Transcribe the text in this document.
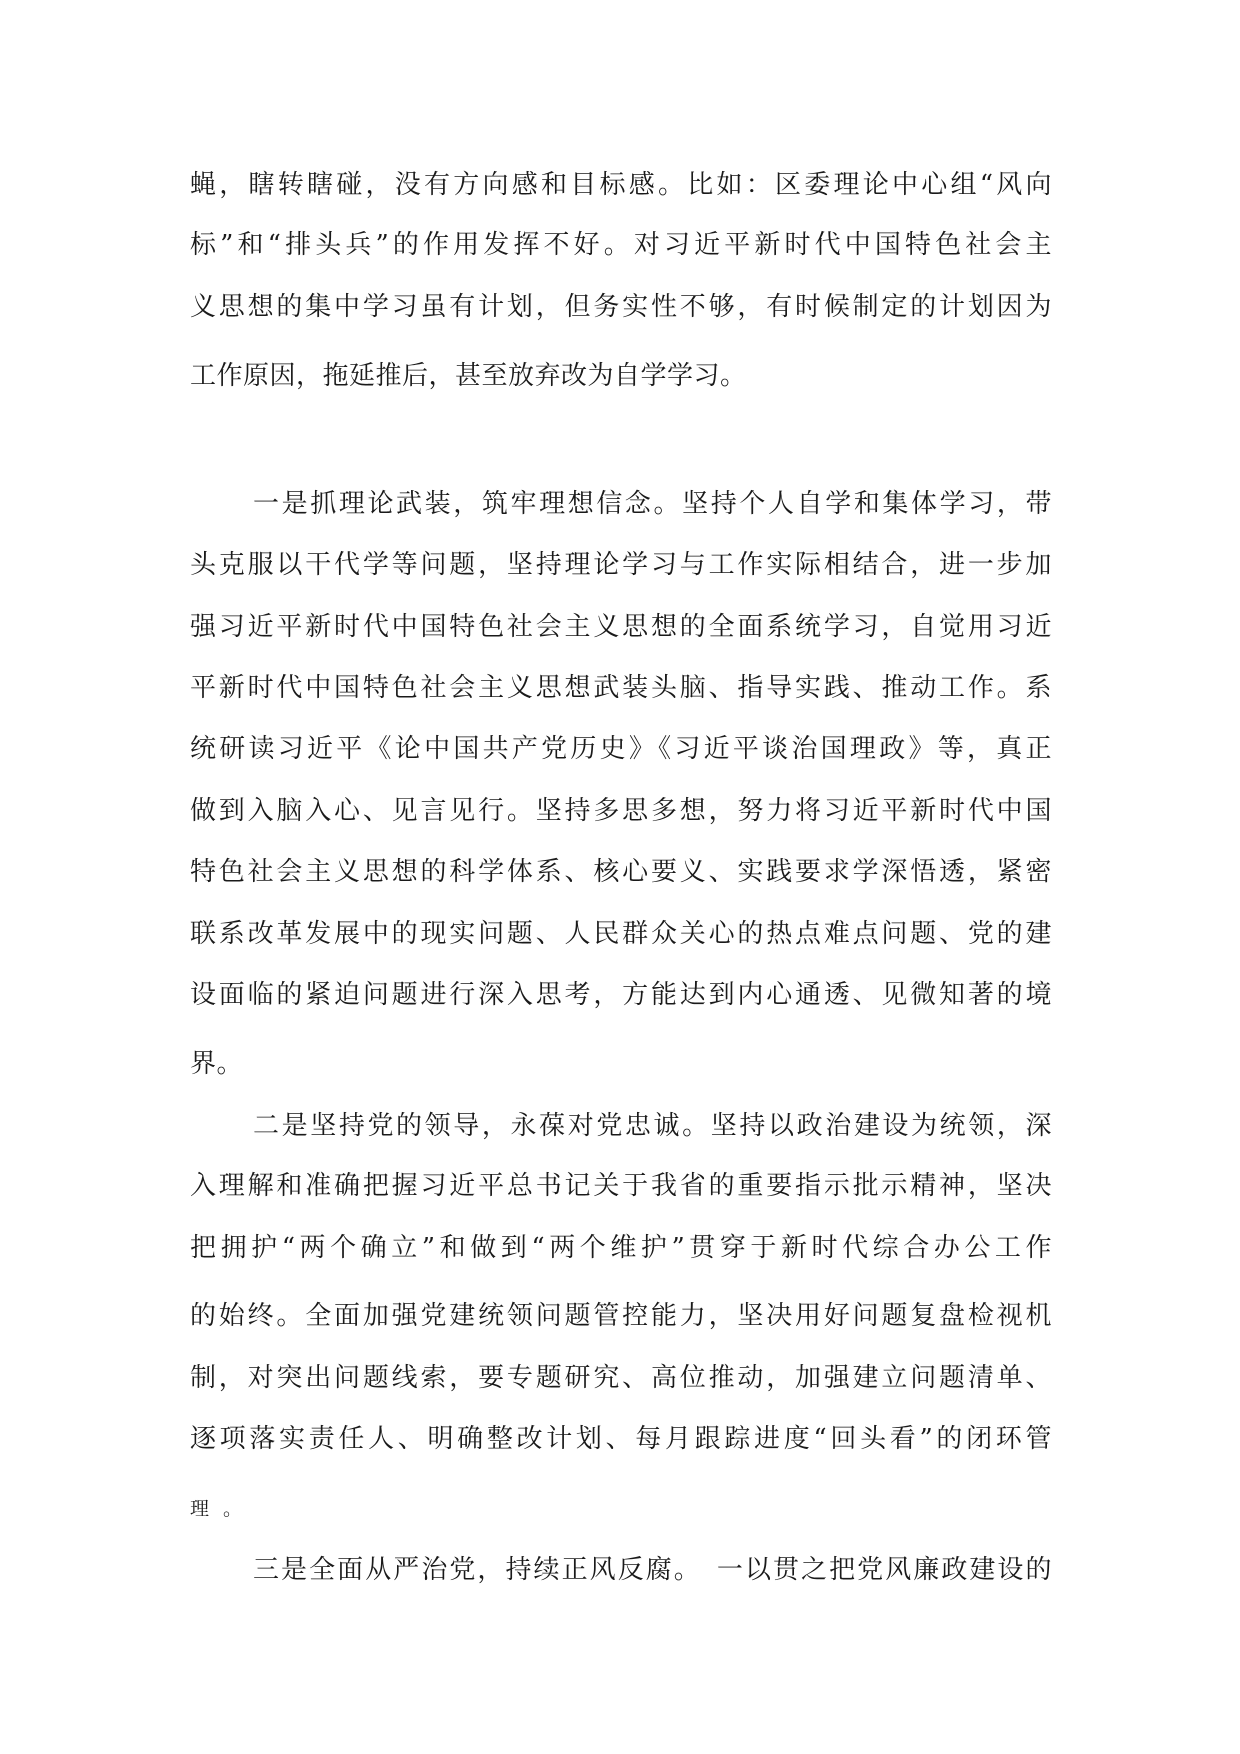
蝇，瞎转瞎碰，没有方向感和目标感。比如：区委理论中心组“风向
标”和“排头兵”的作用发挥不好。对习近平新时代中国特色社会主
义思想的集中学习虽有计划，但务实性不够，有时候制定的计划因为
工作原因，拖延推后，甚至放弃改为自学学习。
一是抓理论武装，筑牢理想信念。坚持个人自学和集体学习，带
头克服以干代学等问题，坚持理论学习与工作实际相结合，进一步加
强习近平新时代中国特色社会主义思想的全面系统学习，自觉用习近
平新时代中国特色社会主义思想武装头脑、指导实践、推动工作。系
统研读习近平《论中国共产党历史》《习近平谈治国理政》等，真正
做到入脑入心、见言见行。坚持多思多想，努力将习近平新时代中国
特色社会主义思想的科学体系、核心要义、实践要求学深悟透，紧密
联系改革发展中的现实问题、人民群众关心的热点难点问题、党的建
设面临的紧迫问题进行深入思考，方能达到内心通透、见微知著的境
界。
二是坚持党的领导，永葆对党忠诚。坚持以政治建设为统领，深
入理解和准确把握习近平总书记关于我省的重要指示批示精神，坚决
把拥护“两个确立”和做到“两个维护”贯穿于新时代综合办公工作
的始终。全面加强党建统领问题管控能力，坚决用好问题复盘检视机
制，对突出问题线索，要专题研究、高位推动，加强建立问题清单、
逐项落实责任人、明确整改计划、每月跟踪进度“回头看”的闭环管
理 。
三是全面从严治党，持续正风反腐。　一以贯之把党风廉政建设的
